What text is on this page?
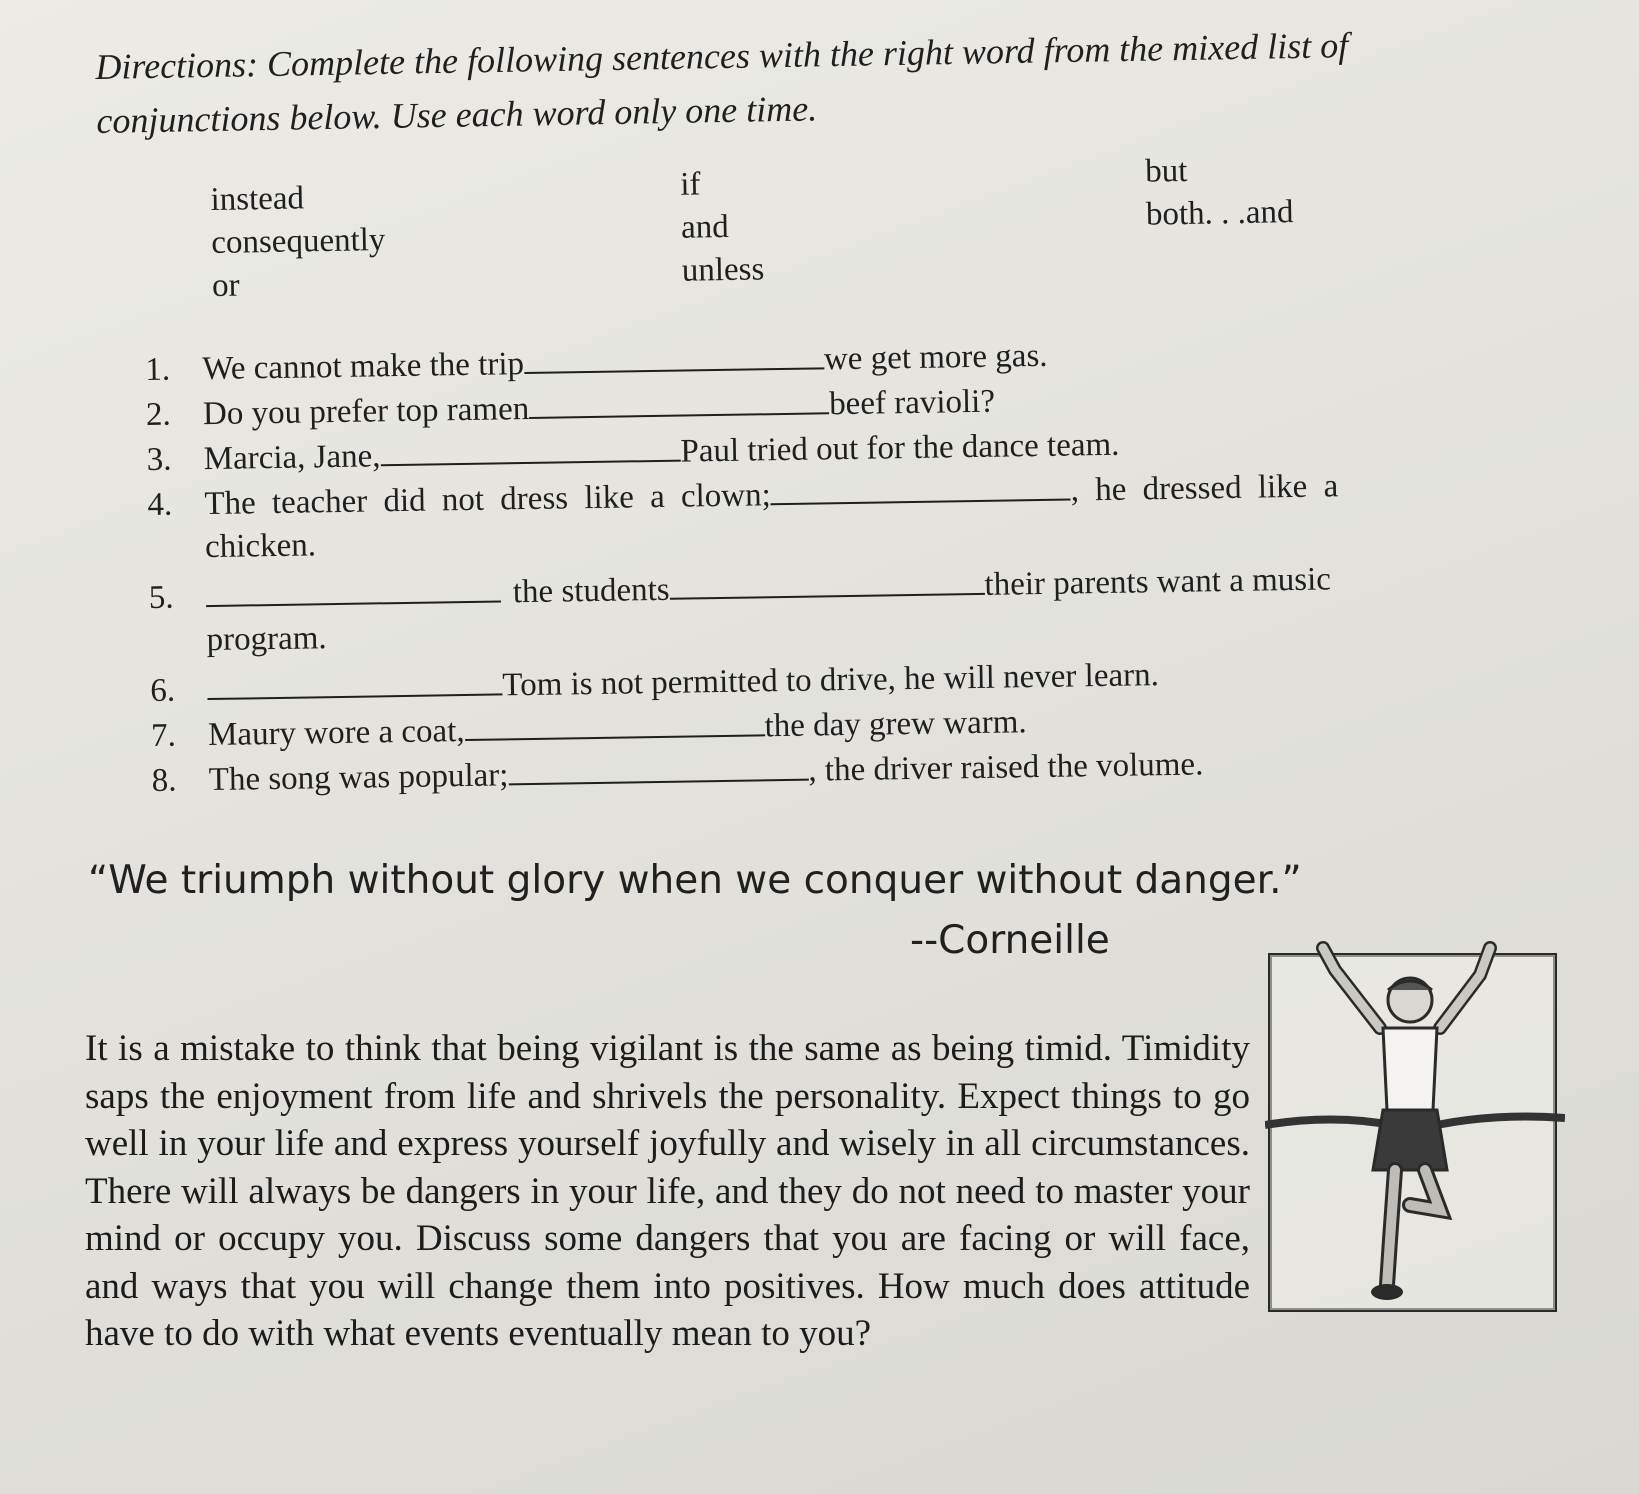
Directions: Complete the following sentences with the right word from the mixed list of conjunctions below. Use each word only one time.
instead
consequently
or
if
and
unless
but
both. . .and
1. We cannot make the trip	we get more gas.
2. Do you prefer top ramen	beef ravioli?
3. Marcia, Jane,	Paul tried out for the dance team.
4. The teacher did not dress like a clown;	, he dressed like a
chicken.
5.	the students	their parents want a music
program.
6.	Tom is not permitted to drive, he will never learn.
7. Maury wore a coat,	the day grew warm.
8. The song was popular;	, the driver raised the volume.
“We triumph without glory when we conquer without danger.”
--Corneille
It is a mistake to think that being vigilant is the same as being timid. Timidity saps the enjoyment from life and shrivels the personality. Expect things to go well in your life and express yourself joyfully and wisely in all circumstances. There will always be dangers in your life, and they do not need to master your mind or occupy you. Discuss some dangers that you are facing or will face, and ways that you will change them into positives. How much does attitude have to do with what events eventually mean to you?
